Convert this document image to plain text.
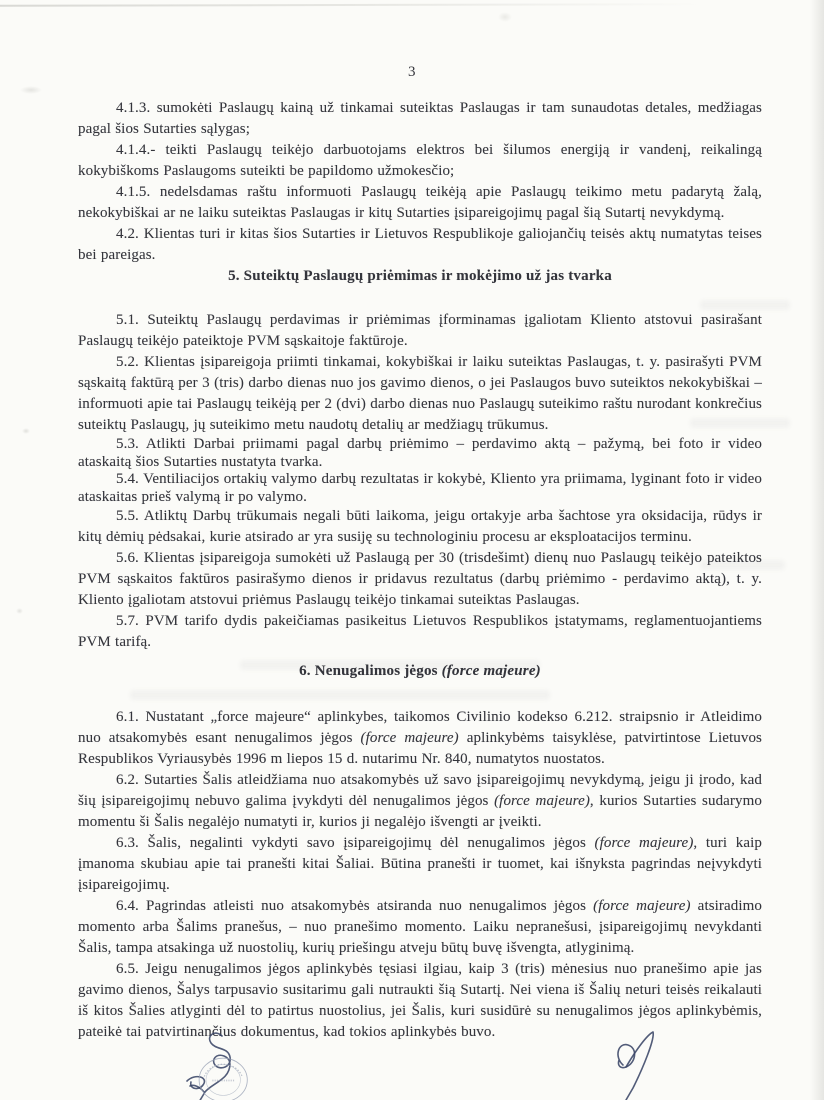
3

4.1.3. sumokėti Paslaugų kainą už tinkamai suteiktas Paslaugas ir tam sunaudotas detales, medžiagas pagal šios Sutarties sąlygas;

4.1.4.- teikti Paslaugų teikėjo darbuotojams elektros bei šilumos energiją ir vandenį, reikalingą kokybiškoms Paslaugoms suteikti be papildomo užmokesčio;

4.1.5. nedelsdamas raštu informuoti Paslaugų teikėją apie Paslaugų teikimo metu padarytą žalą, nekokybiškai ar ne laiku suteiktas Paslaugas ir kitų Sutarties įsipareigojimų pagal šią Sutartį nevykdymą.

4.2. Klientas turi ir kitas šios Sutarties ir Lietuvos Respublikoje galiojančių teisės aktų numatytas teises bei pareigas.

5. Suteiktų Paslaugų priėmimas ir mokėjimo už jas tvarka

5.1. Suteiktų Paslaugų perdavimas ir priėmimas įforminamas įgaliotam Kliento atstovui pasirašant Paslaugų teikėjo pateiktoje PVM sąskaitoje faktūroje.

5.2. Klientas įsipareigoja priimti tinkamai, kokybiškai ir laiku suteiktas Paslaugas, t. y. pasirašyti PVM sąskaitą faktūrą per 3 (tris) darbo dienas nuo jos gavimo dienos, o jei Paslaugos buvo suteiktos nekokybiškai – informuoti apie tai Paslaugų teikėją per 2 (dvi) darbo dienas nuo Paslaugų suteikimo raštu nurodant konkrečius suteiktų Paslaugų, jų suteikimo metu naudotų detalių ar medžiagų trūkumus.

5.3. Atlikti Darbai priimami pagal darbų priėmimo – perdavimo aktą – pažymą, bei foto ir video ataskaitą šios Sutarties nustatyta tvarka.

5.4. Ventiliacijos ortakių valymo darbų rezultatas ir kokybė, Kliento yra priimama, lyginant foto ir video ataskaitas prieš valymą ir po valymo.

5.5. Atliktų Darbų trūkumais negali būti laikoma, jeigu ortakyje arba šachtose yra oksidacija, rūdys ir kitų dėmių pėdsakai, kurie atsirado ar yra susiję su technologiniu procesu ar eksploatacijos terminu.

5.6. Klientas įsipareigoja sumokėti už Paslaugą per 30 (trisdešimt) dienų nuo Paslaugų teikėjo pateiktos PVM sąskaitos faktūros pasirašymo dienos ir pridavus rezultatus (darbų priėmimo - perdavimo aktą), t. y. Kliento įgaliotam atstovui priėmus Paslaugų teikėjo tinkamai suteiktas Paslaugas.

5.7. PVM tarifo dydis pakeičiamas pasikeitus Lietuvos Respublikos įstatymams, reglamentuojantiems PVM tarifą.

6. Nenugalimos jėgos (force majeure)

6.1. Nustatant „force majeure“ aplinkybes, taikomos Civilinio kodekso 6.212. straipsnio ir Atleidimo nuo atsakomybės esant nenugalimos jėgos (force majeure) aplinkybėms taisyklėse, patvirtintose Lietuvos Respublikos Vyriausybės 1996 m liepos 15 d. nutarimu Nr. 840, numatytos nuostatos.

6.2. Sutarties Šalis atleidžiama nuo atsakomybės už savo įsipareigojimų nevykdymą, jeigu ji įrodo, kad šių įsipareigojimų nebuvo galima įvykdyti dėl nenugalimos jėgos (force majeure), kurios Sutarties sudarymo momentu ši Šalis negalėjo numatyti ir, kurios ji negalėjo išvengti ar įveikti.

6.3. Šalis, negalinti vykdyti savo įsipareigojimų dėl nenugalimos jėgos (force majeure), turi kaip įmanoma skubiau apie tai pranešti kitai Šaliai. Būtina pranešti ir tuomet, kai išnyksta pagrindas neįvykdyti įsipareigojimų.

6.4. Pagrindas atleisti nuo atsakomybės atsiranda nuo nenugalimos jėgos (force majeure) atsiradimo momento arba Šalims pranešus, – nuo pranešimo momento. Laiku nepranešusi, įsipareigojimų nevykdanti Šalis, tampa atsakinga už nuostolių, kurių priešingu atveju būtų buvę išvengta, atlyginimą.

6.5. Jeigu nenugalimos jėgos aplinkybės tęsiasi ilgiau, kaip 3 (tris) mėnesius nuo pranešimo apie jas gavimo dienos, Šalys tarpusavio susitarimu gali nutraukti šią Sutartį. Nei viena iš Šalių neturi teisės reikalauti iš kitos Šalies atlyginti dėl to patirtus nuostolius, jei Šalis, kuri susidūrė su nenugalimos jėgos aplinkybėmis, pateikė tai patvirtinančius dokumentus, kad tokios aplinkybės buvo.
